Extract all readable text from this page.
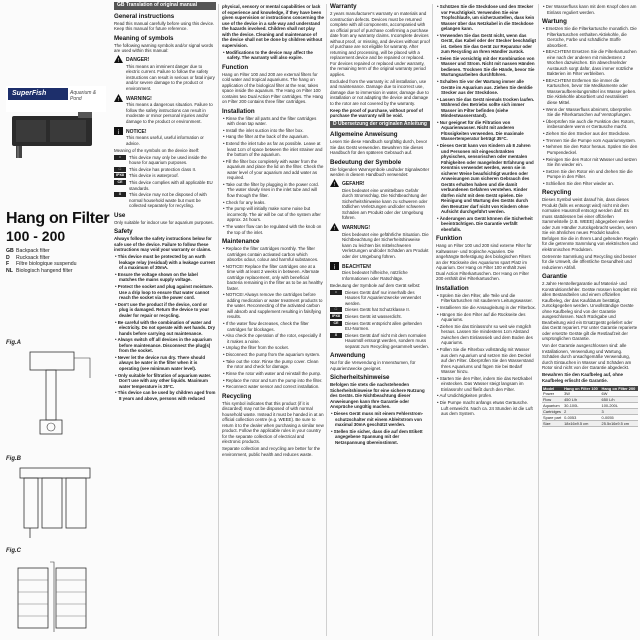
SuperFish	Aquarium & Pond
Hang on Filter
100 - 200
GB Backpack filter
D Rucksack filter
F Filtre biologique suspendu
NL Biologisch hangend filter
Fig.A
Fig.B
Fig.C
GB Translation of original manual
General instructions

Read this manual carefully before using this device. Keep this manual for future reference.

Meaning of symbols

The following warning symbols and/or signal words are used within this manual:

! DANGER!

This means an imminent danger due to electric current. Failure to follow the safety instructions can result in serious or fatal injury and/or severe damage to the product or environment.

! WARNING!

This means a dangerous situation. Failure to follow the safety instructions can result in moderate or minor personal injuries and/or damage to the product or environment.

i NOTICE!

This means useful, useful information or advice.

Meaning of the symbols on the device itself:

⌂	This device may only be used inside the house for aquarium purposes.
□	This device has protection class II.
IPX8	This device is waterproof.
CE	This device complies with all applicable EU standards.
X	This device may not be disposed of with normal household waste but must be collected separately for recycling.
Use

Only suitable for indoor use for aquarium purposes.

Safety

Always follow the safety instructions below for safe use of the device. Failure to follow these instructions may void your warranty or claims.

• This device must be protected by an earth leakage relay (residual) with a leakage current of a maximum of 30mA.

• Ensure the voltage shown on the label matches the mains supply voltage.

• Protect the socket and plug against moisture. Use a drip loop to ensure that water cannot reach the socket via the power cord.

• Don't use the product if the device, cord or plug is damaged. Return the device to your dealer for repair or recycling.

• Be careful with the combination of water and electricity. Do not operate with wet hands. Dry hands before carrying out maintenance.

• Always switch off all devices in the aquarium before maintenance. Disconnect the plug(s) from the socket.

• Never let the device run dry. There should always be water in the filter when it is operating (see minimum water level).

• Only suitable for filtration of aquarium water. Don't use with any other liquids. Maximum water temperature is 35°C.

• This device can be used by children aged from 8 years and above, persons with reduced

physical, sensory or mental capabilities or lack of experience and knowledge, if they have been given supervision or instructions concerning the use of the device in a safe way and understand the hazards involved. Children shall not play with the device. Cleaning and maintenance of the device shall not be done by children without supervision.

• Modifications to the device may affect the safety. The warranty will also expire.

Function

Hang on Filter 100 and 200 are external filters for cold water and tropical aquariums. The hang on application of the biological filter at the rear, takes space inside the aquarium. The Hang on Filter 100 contains two Dual Action Filter cartridges. The Hang on Filter 200 contains three filter cartridges.

Installation

• Rinse the filter all parts and the filter cartridges with clean tap water.

• Install the inlet suction into the filter box.

• Hang the filter at the back of the aquarium.

• Extend the inlet tube as far as possible. Leave at least 1cm of space between the inlet strainer and the bottom of the aquarium.

• Fill the filter box completely with water from the aquarium and place the lid on the filter. Check the water level of your aquarium and add water as required.

• Take out the filter by plugging in the power cord. The water slowly rises in the inlet tube and will flow through the filter.

• Check for any leaks.

• The pump will initially make some noise but incorrectly. The air will be out of the system after approx. 24 hours.

• The water flow can be regulated with the knob on the top of the inlet.

Maintenance

• Replace the filter cartridges monthly. The filter cartridges contain activated carbon which absorbs odour, colour and harmful substances.

• NOTICE! Replace the filter cartridges one at a time with at least 2 weeks in between. Alternate cartridge replacement, only with beneficial bacteria remaining in the filter as to be as healthy faster.

• NOTICE! Always remove the cartridges before adding medication or water treatment products to the water. Reconnecting of the activated carbon will absorb and supplement resulting in falsifying results.

• If the water flow decreases, check the filter cartridges for blockages.

• Also check the operation of the rotor, especially if it makes a noise.

• Unplug the filter from the socket.

• Disconnect the pump from the aquarium system.

• Take out the rotor. Rinse the pump cover. Clean the rotor and check for damage.

• Rinse the rotor with water and reinstall the pump.

• Replace the rotor and turn the pump into the filter.

• Reconnect water sensor and correct installation.

Recycling

This symbol indicates that this product (if it is discarded) may not be disposed of with normal household waste. Instead it must be handed in at an official collection centre (e.g. WEEE). Be sure to return it to the dealer when purchasing a similar new product. Follow the applicable rules in your country for the separate collection of electrical and electronic products.

Separate collection and recycling are better for the environment, public health and reduces waste.

Warranty

2 years manufacturer's warranty on materials and construction defects. Devices must be returned complete with all components, accompanied with an official proof of purchase confirming a purchase date from any warranty claims. Incomplete devices without proof, or missing, and devices without proof of purchase are not eligible for warranty. After returning and processing, will be placed with a replacement device and be repaired or replaced. For devices repaired or replaced under warranty, the remaining term of the original warranty period applies.

Excluded from the warranty is: all installation, use and maintenance. Damage due to incorrect use, damage due to immersion in water, damage due to installation or not adapting the device and damage to the rotor are not covered by the warranty.

Keep the proof of purchase, without proof of purchase the warranty will be void.

D Übersetzung der originalen Anleitung
Allgemeine Anweisung

Lesen Sie diese Handbuch sorgfältig durch, bevor Sie das Gerät verwenden. Bewahren Sie dieses Handbuch für den späteren Gebrauch auf.

Bedeutung der Symbole

Die folgenden Warnsymbole und/oder Signalwörter werden in diesem Handbuch verwendet:

! GEFAHR!

Dies bedeutet eine unmittelbare Gefahr durch Stromschlag. Die Nichtbeachtung der Sicherheitshinweise kann zu schweren oder tödlichen Verletzungen und/oder schweren Schäden am Produkt oder der Umgebung führen.

! WARNUNG!

Dies bedeutet eine gefährliche Situation. Die Nichtbeachtung der Sicherheitshinweise kann zu leichten bis mittelschweren Verletzungen und/oder Schäden am Produkt oder der Umgebung führen.

i BEACHTEN!

Dies bedeutet hilfreiche, nützliche Informationen oder Ratschläge.

Bedeutung der Symbole auf dem Gerät selbst:

⌂	Dieses Gerät darf nur innerhalb des Hauses für Aquarienzwecke verwendet werden.
□	Dieses Gerät hat Schutzklasse II.
IPX8	Dieses Gerät ist wasserdicht.
CE	Dieses Gerät entspricht allen geltenden EU-Normen.
X	Dieses Gerät darf nicht mit dem normalen Hausmüll entsorgt werden, sondern muss separat zum Recycling gesammelt werden.
Anwendung

Nur für die Verwendung in Innenräumen, für Aquarienzwecke geeignet.

Sicherheitshinweise

Befolgen Sie stets die nachstehenden Sicherheitshinweise für eine sichere Nutzung des Geräts. Die Nichtbeachtung dieser Anweisungen kann Ihre Garantie oder Ansprüche ungültig machen.

• Dieses Gerät muss mit einem Fehlerstrom-schutzschalter mit einem Ableitstrom von maximal 30mA geschützt werden.

• Stellen Sie sicher, dass die auf dem Etikett angegebene Spannung mit der Netzspannung übereinstimmt.

• Schützen Sie die Steckdose und den Stecker vor Feuchtigkeit. Verwenden Sie eine Tropfschlaufe, um sicherzustellen, dass kein Wasser über das Netzkabel in die Steckdose gelangen kann.

• Verwenden Sie das Gerät nicht, wenn das Gerät, das Kabel oder der Stecker beschädigt ist. Geben Sie das Gerät zur Reparatur oder zum Recycling an Ihren Händler zurück.

• Seien Sie vorsichtig mit der Kombination von Wasser und Strom. Nicht mit nassen Händen bedienen. Trocknen Sie die Hände, bevor Sie Wartungsarbeiten durchführen.

• Schalten Sie vor der Wartung immer alle Geräte im Aquarium aus. Ziehen Sie den/die Stecker aus der Steckdose.

• Lassen Sie das Gerät niemals trocken laufen. Während des Betriebs sollte sich immer Wasser im Filter befinden (siehe Mindestwasserstand).

• Nur geeignet für die Filtration von Aquarienwasser. Nicht mit anderen Flüssigkeiten verwenden. Die maximale Wassertemperatur beträgt 35°C.

• Dieses Gerät kann von Kindern ab 8 Jahren und Personen mit eingeschränkten physischen, sensorischen oder mentalen Fähigkeiten oder mangelnder Erfahrung und Kenntnis verwendet werden, wenn sie in sicherer Weise beaufsichtigt wurden oder Anweisungen zum sicheren Gebrauch des Geräts erhalten haben und die damit verbundenen Gefahren verstehen. Kinder dürfen nicht mit dem Gerät spielen. Die Reinigung und Wartung des Geräts durch den Benutzer darf nicht von Kindern ohne Aufsicht durchgeführt werden.

• Änderungen am Gerät können die Sicherheit beeinträchtigen. Die Garantie verfällt ebenfalls.

Funktion

Hang on Filter 100 und 200 sind externe Filter für Kaltwasser- und tropische Aquarien. Die angehängte Befestigung des biologischen Filters an der Rückseite des Aquariums spart Platz im Aquarium. Der Hang on Filter 100 enthält zwei Dual Action Filterkartuschen. Der Hang on Filter 200 enthält drei Filterkartuschen.

Installation

• Spülen Sie den Filter, alle Teile und die Filterkartuschen mit sauberem Leitungswasser.

• Installieren Sie die Ansaugleitung in der Filterbox.

• Hängen Sie den Filter auf die Rückseite des Aquariums.

• Ziehen Sie das Einlassrohr so weit wie möglich heraus. Lassen Sie mindestens 1cm Abstand zwischen dem Einlasssieb und dem Boden des Aquariums.

• Füllen Sie die Filterbox vollständig mit Wasser aus dem Aquarium und setzen Sie den Deckel auf den Filter. Überprüfen Sie den Wasserstand Ihres Aquariums und fügen Sie bei Bedarf Wasser hinzu.

• Starten Sie den Filter, indem Sie das Netzkabel einstecken. Das Wasser steigt langsam im Einlassrohr und fließt durch den Filter.

• Auf Undichtigkeiten prüfen.

• Die Pumpe macht anfangs etwas Geräusche. Luft entweicht. Nach ca. 24 Stunden ist die Luft aus dem System.

• Der Wasserfluss kann mit dem Knopf oben am Einlass reguliert werden.

Wartung

• Ersetzen Sie die Filterkartusche monatlich. Die Filterkartuschen enthalten Aktivkohle, die Gerüche, Farbe und schädliche Stoffe absorbiert.

• BEACHTEN! Ersetzen Sie die Filterkartuschen eine nach der anderen mit mindestens 2 Wochen dazwischen. Ein abwechselnder Austausch sorgt dafür, dass immer nützliche Bakterien im Filter verbleiben.

• BEACHTEN! Entfernen Sie immer die Kartuschen, bevor Sie Medikamente oder Wasseraufbereitungsmittel ins Wasser geben. Die Aktivkohle absorbiert und neutralisiert diese Mittel.

• Wenn der Wasserfluss abnimmt, überprüfen Sie die Filterkartuschen auf Verstopfungen.

• Überprüfen Sie auch die Funktion des Rotors, insbesondere wenn er Geräusche macht.

• Ziehen Sie den Stecker aus der Steckdose.

• Trennen Sie die Pumpe vom Aquariumsystem.

• Nehmen Sie den Rotor heraus. Spülen Sie den Pumpendeckel.

• Reinigen Sie den Rotor mit Wasser und setzen Sie ihn wieder ein.

• Setzen Sie den Rotor ein und drehen Sie die Pumpe in den Filter.

• Schließen Sie den Filter wieder an.

Recycling

Dieses Symbol weist darauf hin, dass dieses Produkt (falls es entsorgt wird) nicht mit dem normalen Hausmüll entsorgt werden darf. Es muss stattdessen bei einer offiziellen Sammelstelle (z.B. WEEE) abgegeben werden oder zum Händler zurückgebracht werden, wenn Sie ein ähnliches neues Produkt kaufen. Befolgen Sie die in Ihrem Land geltenden Regeln für die getrennte Sammlung von elektrischen und elektronischen Produkten.

Getrennte Sammlung und Recycling sind besser für die Umwelt, die öffentliche Gesundheit und reduzieren Abfall.

Garantie

2 Jahre Herstellergarantie auf Material- und Konstruktionsfehler. Geräte müssen komplett mit allen Bestandteilen und einem offiziellen Kaufbeleg, der das Kaufdatum bestätigt, zurückgegeben werden. Unvollständige Geräte ohne Kaufbeleg sind von der Garantie ausgeschlossen. Nach Rückgabe und Bearbeitung wird ein Ersatzgerät geliefert oder das Gerät repariert. Für unter Garantie reparierte oder ersetzte Geräte gilt die Restlaufzeit der ursprünglichen Garantie.

Von der Garantie ausgeschlossen sind: alle Installationen, Verwendung und Wartung. Schäden durch unsachgemäße Verwendung, durch Eintauchen in Wasser und Schäden am Rotor sind nicht von der Garantie abgedeckt.

Bewahren Sie den Kaufbeleg auf, ohne Kaufbeleg erlischt die Garantie.

Model	Hang on Filter 100	Hang on Filter 200
Power	3W	6W
Flow	450 L/h	650 L/h
Aquarium	30-100L	100-200L
Cartridges	2	3
Spare part	0-0053	0-0055
Size	18x16x9.5 cm	25.5x16x9.5 cm
